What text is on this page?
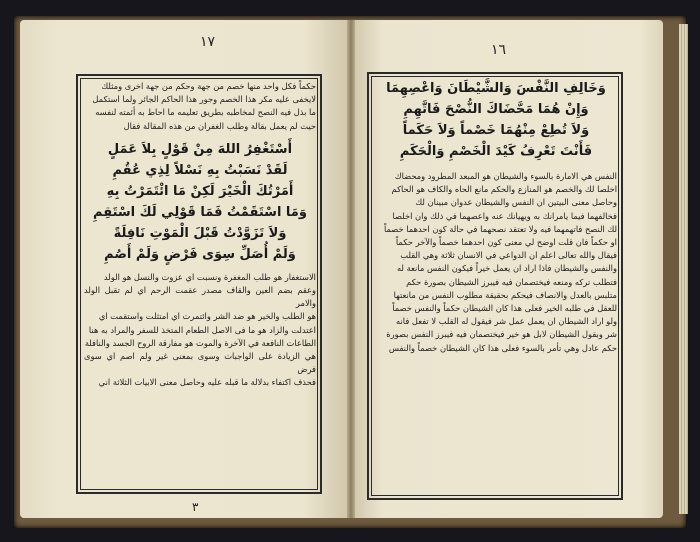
١٧

حكماً فكل واحد منها خصم من جهة وحكم من جهة اخرى ومثلك

لايخفى عليه مكر هذا الخصم وجور هذا الحاكم الجائر ولما استكمل

ما بذل فيه النصح لمخاطبه بطريق تعليمه ما احاط به أئمته لنفسه

حيث لم يعمل بقالة وطلب الغفران من هذه المقالة فقال

أَسْتَغْفِرُ اللهَ مِنْ قَوْلٍ بِلاَ عَمَلٍ

لَقَدْ نَسَبْتُ بِهِ نَسْلاً لِذِي عُقُمِ

أَمَرْتُكَ الْخَيْرَ لَكِنْ مَا ائْتَمَرْتُ بِهِ

وَمَا اسْتَقَمْتُ فَمَا قَوْلِي لَكَ اسْتَقِمِ

وَلاَ تَزَوَّدْتُ قَبْلَ الْمَوْتِ نَافِلَةً

وَلَمْ أُصَلِّ سِوَى فَرْضٍ وَلَمْ أَصُمِ

الاستغفار هو طلب المغفرة ونسبت اي عزوت والنسل هو الولد

وعقم بضم العين والقاف مصدر عقمت الرحم اي لم تقبل الولد والامر

هو الطلب والخير هو ضد الشر وائتمرت اي امتثلت واستقمت اي

اعتدلت والزاد هو ما فى الاصل الطعام المتخذ للسفر والمراد به هنا

الطاعات النافعة في الآخرة والموت هو مفارقة الروح الجسد والنافلة

هي الزيادة على الواجبات وسوى بمعنى غير ولم اصم اي سوى فرض

فحذف اكتفاء بدلالة ما قبله عليه وحاصل معنى الابيات الثلاثة اني

٣
١٦

وَخَالِفِ النَّفْسَ وَالشَّيْطَانَ وَاعْصِهِمَا

وَإِنْ هُمَا مَحَّضَاكَ النُّصْحَ فَاتَّهِمِ

وَلاَ تُطِعْ مِنْهُمَا خَصْماً وَلاَ حَكَماً

فَأَنْتَ تَعْرِفُ كَيْدَ الْخَصْمِ وَالْحَكَمِ

النفس هي الامارة بالسوء والشيطان هو المبعد المطرود ومحضاك

اخلصا لك والخصم هو المنازع والحكم مانع الحاه والكاف هو الحاكم

وحاصل معنى البيتين ان النفس والشيطان عدوان مبينان لك

فخالفهما فيما يامرانك به ويهيانك عنه واعصهما في ذلك وان اخلصا

لك النصح فاتهمهما فيه ولا تعتقد نصحهما في حالة كون احدهما خصماً

او حكماً فان قلت اوضح لي معنى كون احدهما خصماً والآخر حكماً

فيقال والله تعالى اعلم ان الدواعي في الانسان ثلاثة وهي القلب

والنفس والشيطان فاذا اراد ان يعمل خيراً فيكون النفس مانعة له

فتطلب تركه ومنعه فيختصمان فيه فيبرز الشيطان بصورة حكم

متلبس بالعدل والانصاف فيحكم بحقيقة مطلوب النفس من مانعتها

للعقل في طلبه الخير فعلى هذا كان الشيطان حكماً والنفس خصماً

ولو اراد الشيطان ان يعمل عمل شر فيقول له القلب لا تفعل فانه

شر وبقول الشيطان لابل هو خير فيختصمان فيه فيبرز النفس بصورة

حكم عادل وهي تأمر بالسوء فعلى هذا كان الشيطان خصماً والنفس
